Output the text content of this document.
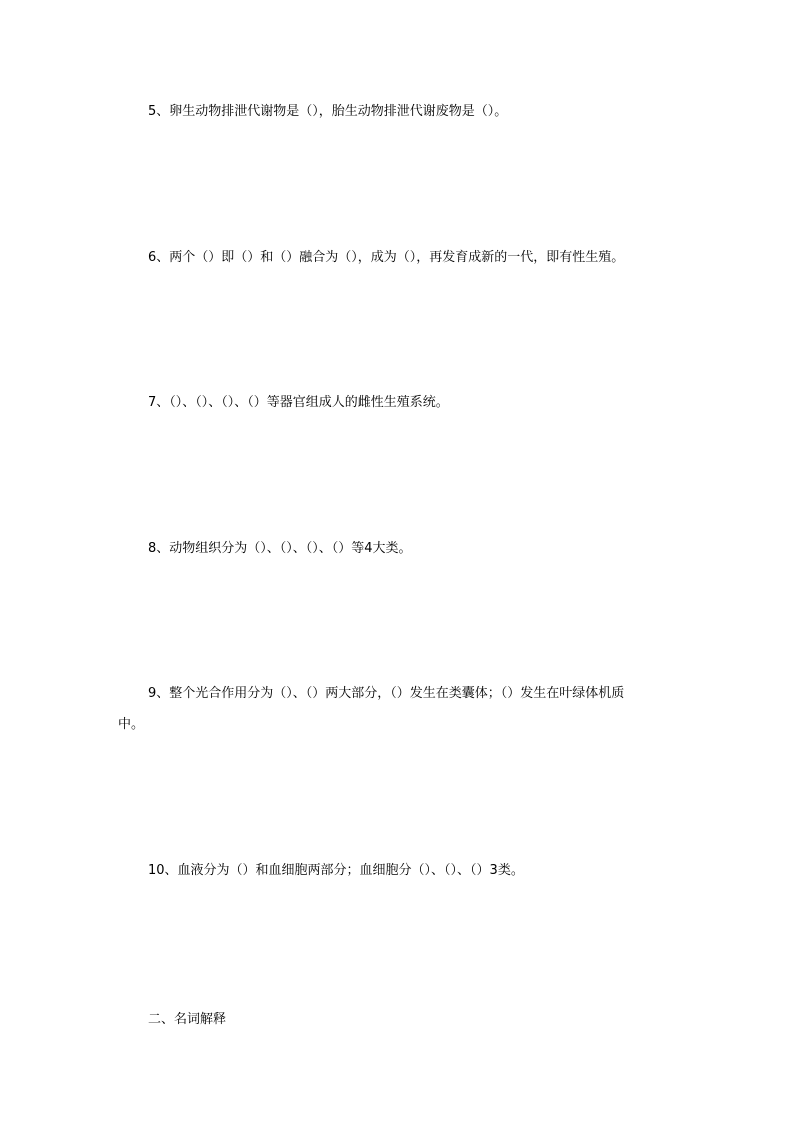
5、卵生动物排泄代谢物是（），胎生动物排泄代谢废物是（）。
6、两个（）即（）和（）融合为（），成为（），再发育成新的一代，即有性生殖。
7、（）、（）、（）、（）等器官组成人的雌性生殖系统。
8、动物组织分为（）、（）、（）、（）等4大类。
9、整个光合作用分为（）、（）两大部分，（）发生在类囊体；（）发生在叶绿体机质
中。
10、血液分为（）和血细胞两部分；血细胞分（）、（）、（）3类。
二、名词解释
